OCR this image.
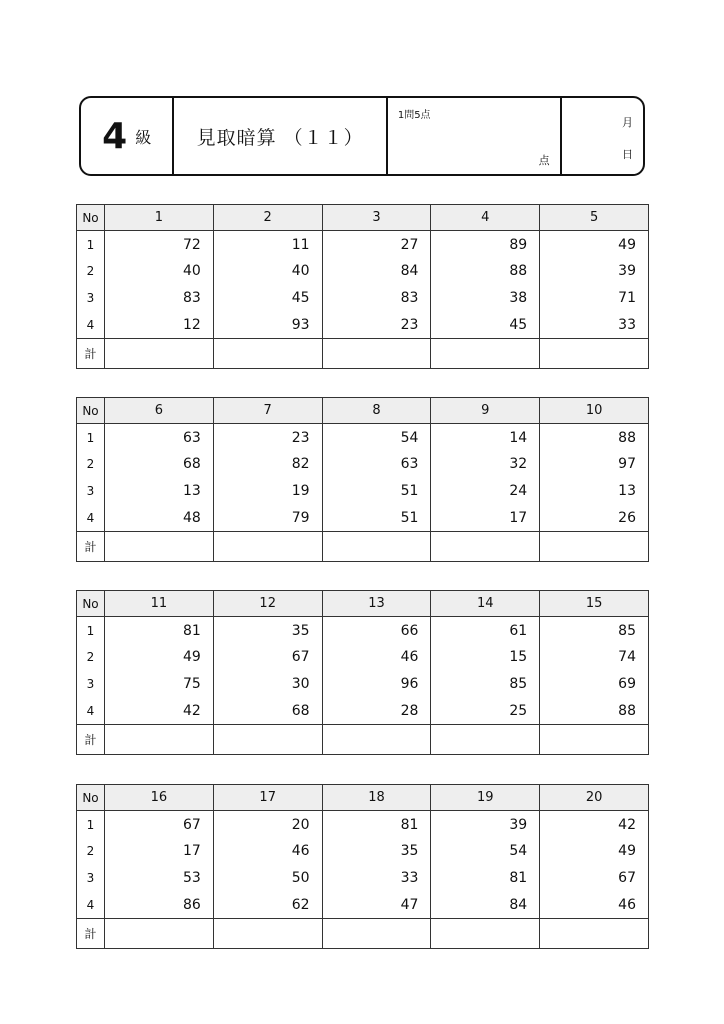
4 級	見取暗算 （１１）
1問5点
点
月
日
No	1	2	3	4	5
1	72	11	27	89	49
2	40	40	84	88	39
3	83	45	83	38	71
4	12	93	23	45	33
計					
No	6	7	8	9	10
1	63	23	54	14	88
2	68	82	63	32	97
3	13	19	51	24	13
4	48	79	51	17	26
計					
No	11	12	13	14	15
1	81	35	66	61	85
2	49	67	46	15	74
3	75	30	96	85	69
4	42	68	28	25	88
計					
No	16	17	18	19	20
1	67	20	81	39	42
2	17	46	35	54	49
3	53	50	33	81	67
4	86	62	47	84	46
計					
